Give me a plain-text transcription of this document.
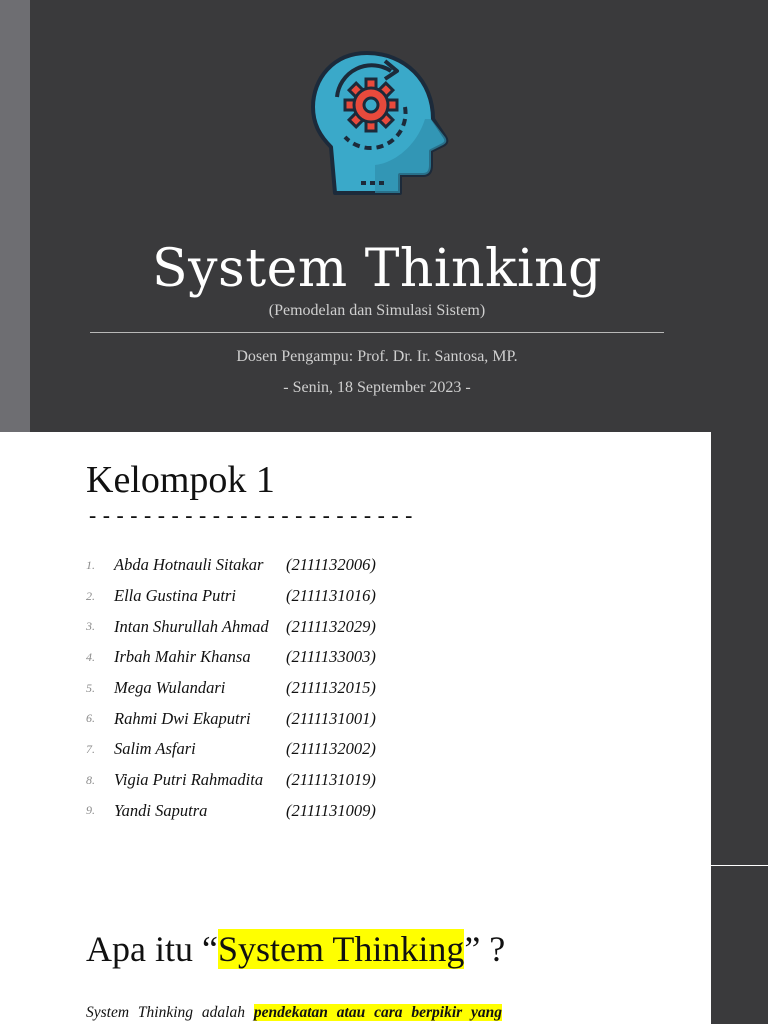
System Thinking
(Pemodelan dan Simulasi Sistem)
Dosen Pengampu: Prof. Dr. Ir. Santosa, MP.
- Senin, 18 September 2023 -
Kelompok 1
------------------------
1.	Abda Hotnauli Sitakar	(2111132006)
2.	Ella Gustina Putri	(2111131016)
3.	Intan Shurullah Ahmad	(2111132029)
4.	Irbah Mahir Khansa	(2111133003)
5.	Mega Wulandari	(2111132015)
6.	Rahmi Dwi Ekaputri	(2111131001)
7.	Salim Asfari	(2111132002)
8.	Vigia Putri Rahmadita	(2111131019)
9.	Yandi Saputra	(2111131009)
Apa itu “System Thinking” ?
System Thinking adalah pendekatan atau cara berpikir yang
